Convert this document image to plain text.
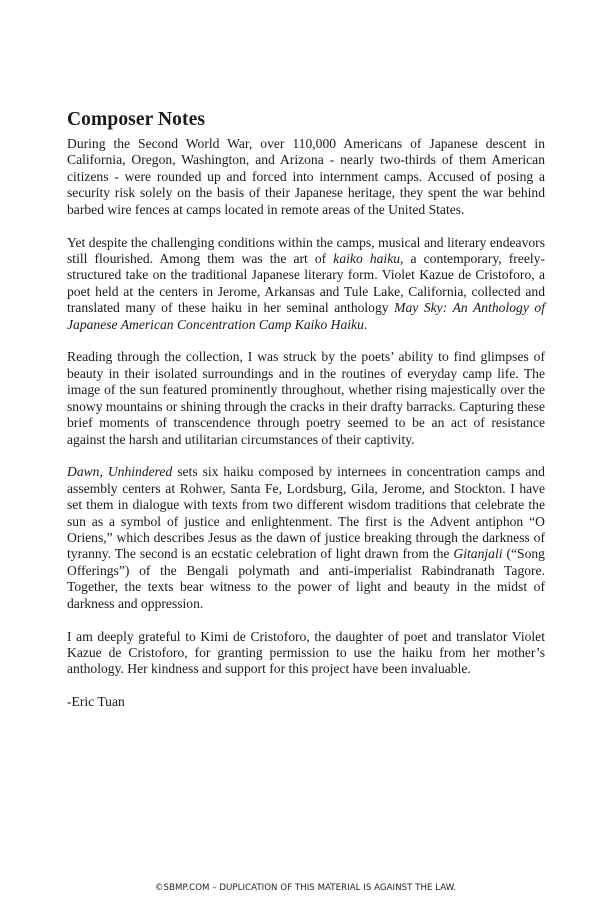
Composer Notes

During the Second World War, over 110,000 Americans of Japanese descent in California, Oregon, Washington, and Arizona - nearly two-thirds of them American citizens - were rounded up and forced into internment camps. Accused of posing a security risk solely on the basis of their Japanese heritage, they spent the war behind barbed wire fences at camps located in remote areas of the United States.

Yet despite the challenging conditions within the camps, musical and literary endeavors still flourished. Among them was the art of kaiko haiku, a contemporary, freely-structured take on the traditional Japanese literary form. Violet Kazue de Cristoforo, a poet held at the centers in Jerome, Arkansas and Tule Lake, California, collected and translated many of these haiku in her seminal anthology May Sky: An Anthology of Japanese American Concentration Camp Kaiko Haiku.

Reading through the collection, I was struck by the poets’ ability to find glimpses of beauty in their isolated surroundings and in the routines of everyday camp life. The image of the sun featured prominently throughout, whether rising majestically over the snowy mountains or shining through the cracks in their drafty barracks. Capturing these brief moments of transcendence through poetry seemed to be an act of resistance against the harsh and utilitarian circumstances of their captivity.

Dawn, Unhindered sets six haiku composed by internees in concentration camps and assembly centers at Rohwer, Santa Fe, Lordsburg, Gila, Jerome, and Stockton. I have set them in dialogue with texts from two different wisdom traditions that celebrate the sun as a symbol of justice and enlightenment. The first is the Advent antiphon “O Oriens,” which describes Jesus as the dawn of justice breaking through the darkness of tyranny. The second is an ecstatic celebration of light drawn from the Gitanjali (“Song Offerings”) of the Bengali polymath and anti-imperialist Rabindranath Tagore. Together, the texts bear witness to the power of light and beauty in the midst of darkness and oppression.

I am deeply grateful to Kimi de Cristoforo, the daughter of poet and translator Violet Kazue de Cristoforo, for granting permission to use the haiku from her mother’s anthology. Her kindness and support for this project have been invaluable.

-Eric Tuan

©SBMP.COM – DUPLICATION OF THIS MATERIAL IS AGAINST THE LAW.
